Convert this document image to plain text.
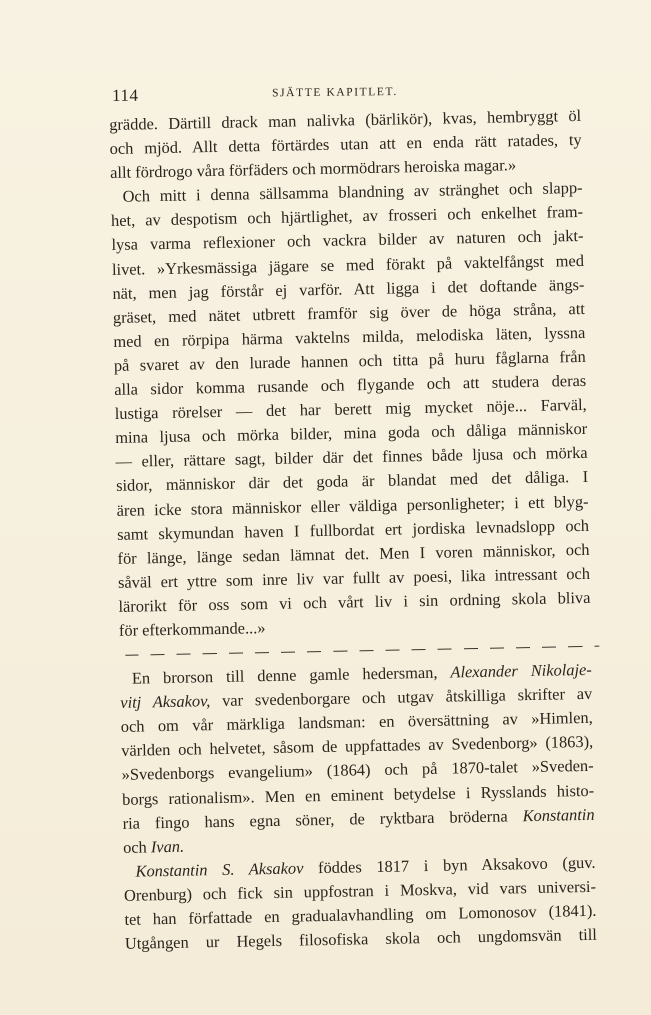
114	SJÄTTE KAPITLET.

grädde. Därtill drack man nalivka (bärlikör), kvas, hembryggt öl
och mjöd. Allt detta förtärdes utan att en enda rätt ratades, ty
allt fördrogo våra förfäders och mormödrars heroiska magar.»
Och mitt i denna sällsamma blandning av stränghet och slapp-
het, av despotism och hjärtlighet, av frosseri och enkelhet fram-
lysa varma reflexioner och vackra bilder av naturen och jakt-
livet. »Yrkesmässiga jägare se med förakt på vaktelfångst med
nät, men jag förstår ej varför. Att ligga i det doftande ängs-
gräset, med nätet utbrett framför sig över de höga stråna, att
med en rörpipa härma vaktelns milda, melodiska läten, lyssna
på svaret av den lurade hannen och titta på huru fåglarna från
alla sidor komma rusande och flygande och att studera deras
lustiga rörelser — det har berett mig mycket nöje... Farväl,
mina ljusa och mörka bilder, mina goda och dåliga människor
— eller, rättare sagt, bilder där det finnes både ljusa och mörka
sidor, människor där det goda är blandat med det dåliga. I
ären icke stora människor eller väldiga personligheter; i ett blyg-
samt skymundan haven I fullbordat ert jordiska levnadslopp och
för länge, länge sedan lämnat det. Men I voren människor, och
såväl ert yttre som inre liv var fullt av poesi, lika intressant och
lärorikt för oss som vi och vårt liv i sin ordning skola bliva
för efterkommande...»

En brorson till denne gamle hedersman, Alexander Nikolaje-
vitj Aksakov, var svedenborgare och utgav åtskilliga skrifter av
och om vår märkliga landsman: en översättning av »Himlen,
världen och helvetet, såsom de uppfattades av Svedenborg» (1863),
»Svedenborgs evangelium» (1864) och på 1870-talet »Sveden-
borgs rationalism». Men en eminent betydelse i Rysslands histo-
ria fingo hans egna söner, de ryktbara bröderna Konstantin
och Ivan.

Konstantin S. Aksakov föddes 1817 i byn Aksakovo (guv.
Orenburg) och fick sin uppfostran i Moskva, vid vars universi-
tet han författade en gradualavhandling om Lomonosov (1841).
Utgången ur Hegels filosofiska skola och ungdomsvän till
